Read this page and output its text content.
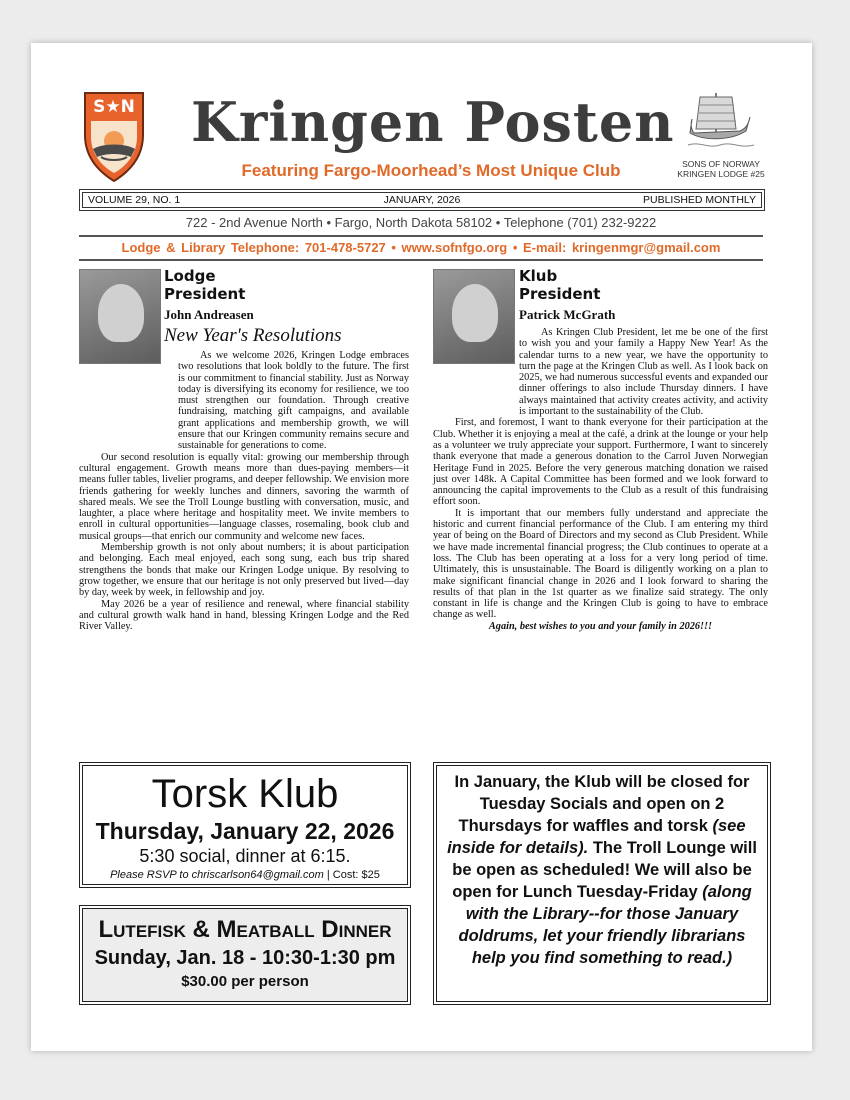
S★N Kringen Posten
Featuring Fargo-Moorhead’s Most Unique Club	SONS OF NORWAY
KRINGEN LODGE #25
VOLUME 29, NO. 1	JANUARY, 2026	PUBLISHED MONTHLY
722 - 2nd Avenue North • Fargo, North Dakota 58102 • Telephone (701) 232-9222
Lodge & Library Telephone: 701-478-5727 • www.sofnfgo.org • E-mail: kringenmgr@gmail.com
Lodge
President
John Andreasen
New Year's Resolutions

As we welcome 2026, Kringen Lodge embraces two resolutions that look boldly to the future. The first is our commitment to financial stability. Just as Norway today is diversifying its economy for resilience, we too must strengthen our foundation. Through creative fundraising, matching gift campaigns, and available grant applications and membership growth, we will ensure that our Kringen community remains secure and sustainable for generations to come.

Our second resolution is equally vital: growing our membership through cultural engagement. Growth means more than dues-paying members—it means fuller tables, livelier programs, and deeper fellowship. We envision more friends gathering for weekly lunches and dinners, savoring the warmth of shared meals. We see the Troll Lounge bustling with conversation, music, and laughter, a place where heritage and hospitality meet. We invite members to enroll in cultural opportunities—language classes, rosemaling, book club and musical groups—that enrich our community and welcome new faces.

Membership growth is not only about numbers; it is about participation and belonging. Each meal enjoyed, each song sung, each bus trip shared strengthens the bonds that make our Kringen Lodge unique. By resolving to grow together, we ensure that our heritage is not only preserved but lived—day by day, week by week, in fellowship and joy.

May 2026 be a year of resilience and renewal, where financial stability and cultural growth walk hand in hand, blessing Kringen Lodge and the Red River Valley.

Klub
President
Patrick McGrath

As Kringen Club President, let me be one of the first to wish you and your family a Happy New Year! As the calendar turns to a new year, we have the opportunity to turn the page at the Kringen Club as well. As I look back on 2025, we had numerous successful events and expanded our dinner offerings to also include Thursday dinners. I have always maintained that activity creates activity, and activity is important to the sustainability of the Club.

First, and foremost, I want to thank everyone for their participation at the Club. Whether it is enjoying a meal at the café, a drink at the lounge or your help as a volunteer we truly appreciate your support. Furthermore, I want to sincerely thank everyone that made a generous donation to the Carrol Juven Norwegian Heritage Fund in 2025. Before the very generous matching donation we raised just over 148k. A Capital Committee has been formed and we look forward to announcing the capital improvements to the Club as a result of this fundraising effort soon.

It is important that our members fully understand and appreciate the historic and current financial performance of the Club. I am entering my third year of being on the Board of Directors and my second as Club President. While we have made incremental financial progress; the Club continues to operate at a loss. The Club has been operating at a loss for a very long period of time. Ultimately, this is unsustainable. The Board is diligently working on a plan to make significant financial change in 2026 and I look forward to sharing the results of that plan in the 1st quarter as we finalize said strategy. The only constant in life is change and the Kringen Club is going to have to embrace change as well.

Again, best wishes to you and your family in 2026!!!

Torsk Klub
Thursday, January 22, 2026
5:30 social, dinner at 6:15.
Please RSVP to chriscarlson64@gmail.com | Cost: $25
Lutefisk & Meatball Dinner
Sunday, Jan. 18 - 10:30-1:30 pm
$30.00 per person
In January, the Klub will be closed for Tuesday Socials and open on 2 Thursdays for waffles and torsk (see inside for details). The Troll Lounge will be open as scheduled! We will also be open for Lunch Tuesday-Friday (along with the Library--for those January doldrums, let your friendly librarians help you find something to read.)
